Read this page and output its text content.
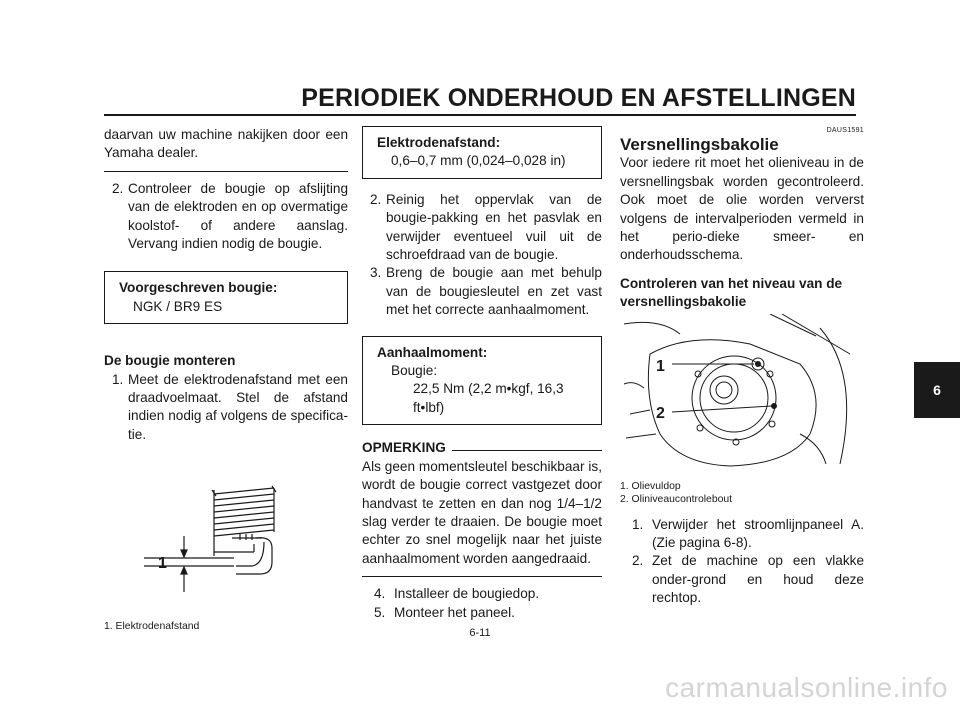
PERIODIEK ONDERHOUD EN AFSTELLINGEN
6

daarvan uw machine nakijken door een Yamaha dealer.

2. Controleer de bougie op afslijting van de elektroden en op overmatige koolstof- of andere aanslag. Vervang indien nodig de bougie.
Voorgeschreven bougie:
NGK / BR9 ES

De bougie monteren

1. Meet de elektrodenafstand met een draadvoelmaat. Stel de afstand indien nodig af volgens de specifica-tie.
1

1. Elektrodenafstand

Elektrodenafstand:
0,6–0,7 mm (0,024–0,028 in)
2. Reinig het oppervlak van de bougie-pakking en het pasvlak en verwijder eventueel vuil uit de schroefdraad van de bougie.
3. Breng de bougie aan met behulp van de bougiesleutel en zet vast met het correcte aanhaalmoment.
Aanhaalmoment:
Bougie:
22,5 Nm (2,2 m•kgf, 16,3 ft•lbf)
OPMERKING

Als geen momentsleutel beschikbaar is, wordt de bougie correct vastgezet door handvast te zetten en dan nog 1/4–1/2 slag verder te draaien. De bougie moet echter zo snel mogelijk naar het juiste aanhaalmoment worden aangedraaid.

4. Installeer de bougiedop.
5. Monteer het paneel.

DAUS1591

Versnellingsbakolie

Voor iedere rit moet het olieniveau in de versnellingsbak worden gecontroleerd. Ook moet de olie worden ververst volgens de intervalperioden vermeld in het perio-dieke smeer- en onderhoudsschema.

Controleren van het niveau van de versnellingsbakolie

1
2

1. Olievuldop

2. Oliniveaucontrolebout

1. Verwijder het stroomlijnpaneel A. (Zie pagina 6-8).
2. Zet de machine op een vlakke onder-grond en houd deze rechtop.
6-11
carmanualsonline.info
